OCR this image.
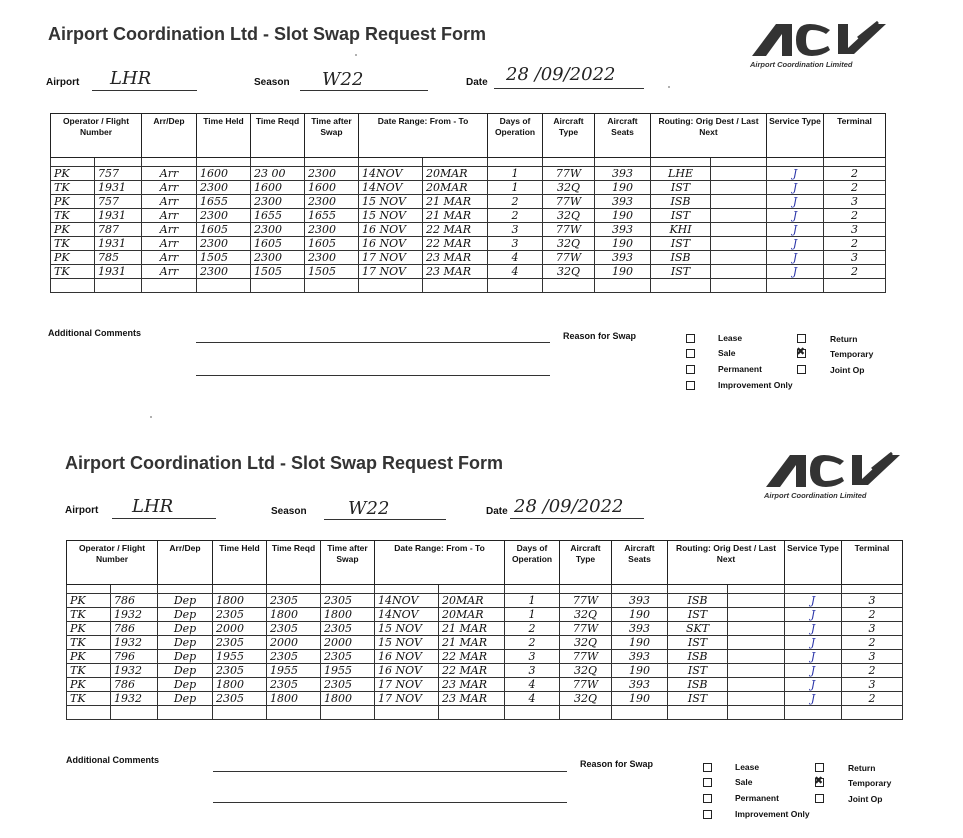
Airport Coordination Ltd - Slot Swap Request Form
Airport Coordination Limited
Airport LHR	Season W22	Date 28 /09/2022
Operator / Flight Number		Arr/Dep	Time Held	Time Reqd	Time after Swap	Date Range: From - To		Days of Operation	Aircraft Type	Aircraft Seats	Routing: Orig Dest / Last Next		Service Type	Terminal

PK	757	Arr	1600	23 00	2300	14NOV	20MAR	1	77W	393	LHE		J	2
TK	1931	Arr	2300	1600	1600	14NOV	20MAR	1	32Q	190	IST		J	2
PK	757	Arr	1655	2300	2300	15 NOV	21 MAR	2	77W	393	ISB		J	3
TK	1931	Arr	2300	1655	1655	15 NOV	21 MAR	2	32Q	190	IST		J	2
PK	787	Arr	1605	2300	2300	16 NOV	22 MAR	3	77W	393	KHI		J	3
TK	1931	Arr	2300	1605	1605	16 NOV	22 MAR	3	32Q	190	IST		J	2
PK	785	Arr	1505	2300	2300	17 NOV	23 MAR	4	77W	393	ISB		J	3
TK	1931	Arr	2300	1505	1505	17 NOV	23 MAR	4	32Q	190	IST		J	2

Additional Comments	Reason for Swap	Lease	Return
Sale ✖	Temporary
Permanent	Joint Op
Improvement Only
Airport Coordination Ltd - Slot Swap Request Form
Airport Coordination Limited
Airport LHR	Season W22	Date 28 /09/2022
Operator / Flight Number		Arr/Dep	Time Held	Time Reqd	Time after Swap	Date Range: From - To		Days of Operation	Aircraft Type	Aircraft Seats	Routing: Orig Dest / Last Next		Service Type	Terminal

PK	786	Dep	1800	2305	2305	14NOV	20MAR	1	77W	393	ISB		J	3
TK	1932	Dep	2305	1800	1800	14NOV	20MAR	1	32Q	190	IST		J	2
PK	786	Dep	2000	2305	2305	15 NOV	21 MAR	2	77W	393	SKT		J	3
TK	1932	Dep	2305	2000	2000	15 NOV	21 MAR	2	32Q	190	IST		J	2
PK	796	Dep	1955	2305	2305	16 NOV	22 MAR	3	77W	393	ISB		J	3
TK	1932	Dep	2305	1955	1955	16 NOV	22 MAR	3	32Q	190	IST		J	2
PK	786	Dep	1800	2305	2305	17 NOV	23 MAR	4	77W	393	ISB		J	3
TK	1932	Dep	2305	1800	1800	17 NOV	23 MAR	4	32Q	190	IST		J	2

Additional Comments	Reason for Swap	Lease	Return
Sale ✖	Temporary
Permanent	Joint Op
Improvement Only
